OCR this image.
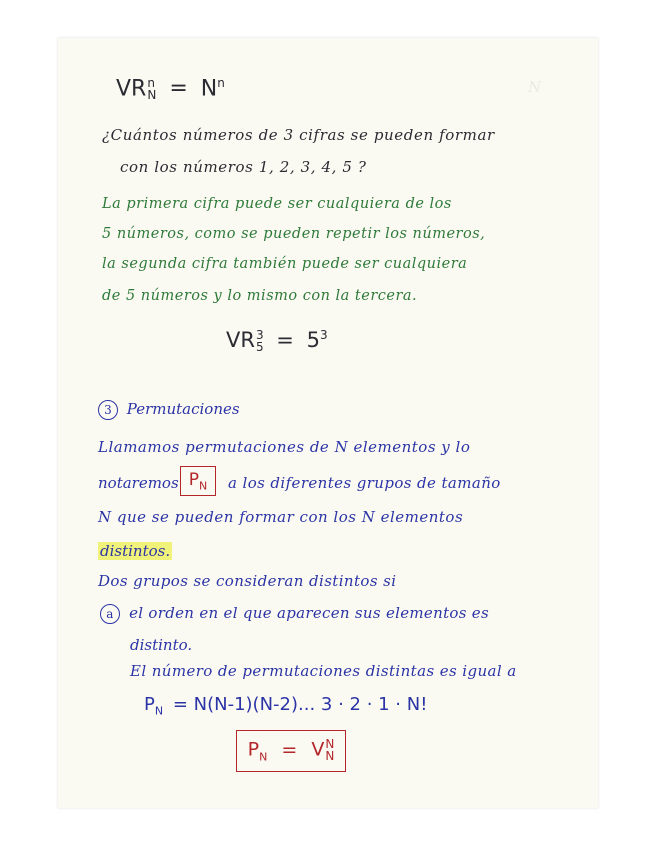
N
VR n
$N = N^n$
¿Cuántos números de 3 cifras se pueden formar
con los números 1, 2, 3, 4, 5 ?
La primera cifra puede ser cualquiera de los
5 números, como se pueden repetir los números,
la segunda cifra también puede ser cualquiera
de 5 números y lo mismo con la tercera.
VR 3
$5 = 5^3$
3 Permutaciones
Llamamos permutaciones de N elementos y lo
notaremos $P_N$ a los diferentes grupos de tamaño
N que se pueden formar con los N elementos
distintos.
Dos grupos se consideran distintos si
a el orden en el que aparecen sus elementos es
distinto.
El número de permutaciones distintas es igual a
$P_N = N(N-1)(N-2)$... 3 · 2 · 1 · N!
$P_N = V$ N
N
